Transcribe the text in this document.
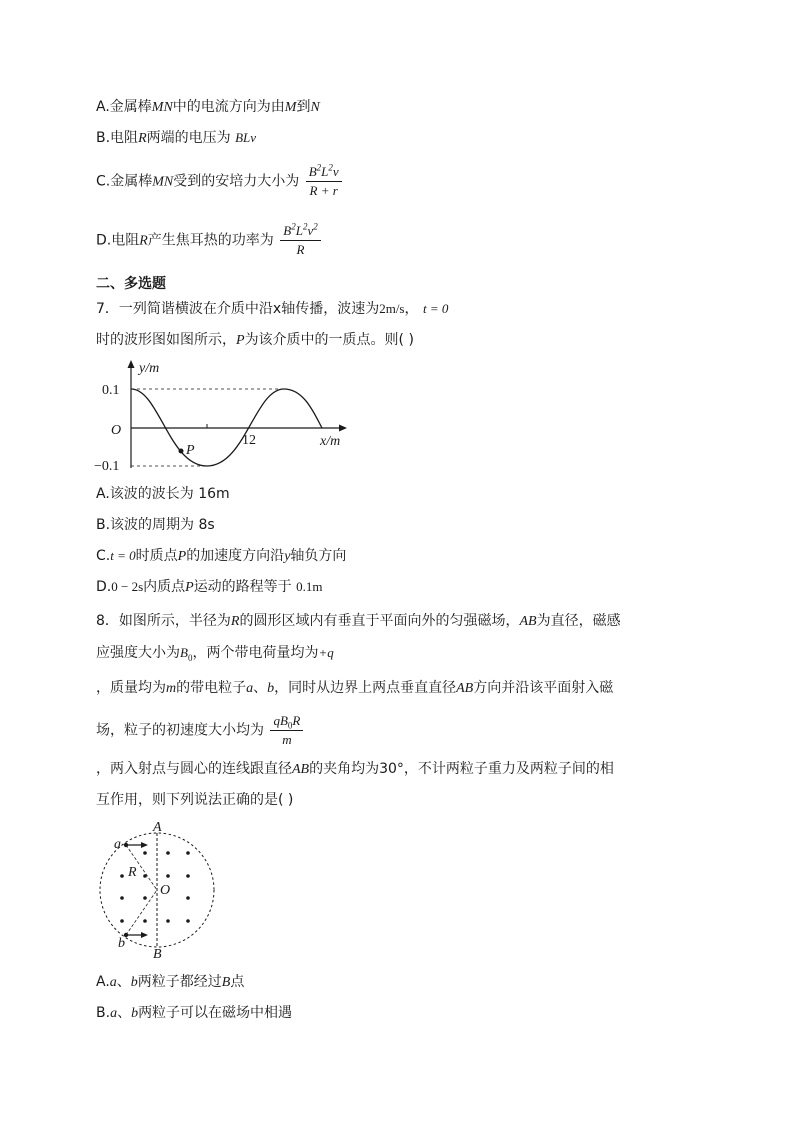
A.金属棒MN中的电流方向为由M到N
B.电阻R两端的电压为 BLv
C.金属棒MN受到的安培力大小为 $\frac{B^2L^2v}{R + r}$
D.电阻R产生焦耳热的功率为 $\frac{B^2L^2v^2}{R}$
二、多选题
7．一列简谐横波在介质中沿x轴传播，波速为2m/s， t = 0
时的波形图如图所示，P为该介质中的一质点。则( )
y/m
0.1
O
−0.1
12	x/m
P
A.该波的波长为 16m
B.该波的周期为 8s
C.t = 0时质点P的加速度方向沿y轴负方向
D.0 − 2s内质点P运动的路程等于 0.1m
8．如图所示，半径为R的圆形区域内有垂直于平面向外的匀强磁场，AB为直径，磁感
应强度大小为$B_0$，两个带电荷量均为+q
，质量均为m的带电粒子a、b，同时从边界上两点垂直直径AB方向并沿该平面射入磁
场，粒子的初速度大小均为 $\frac{qB_0R}{m}$
，两入射点与圆心的连线跟直径AB的夹角均为30°，不计两粒子重力及两粒子间的相
互作用，则下列说法正确的是( )
A
B
O
R
a
b
A.a、b两粒子都经过B点
B.a、b两粒子可以在磁场中相遇
